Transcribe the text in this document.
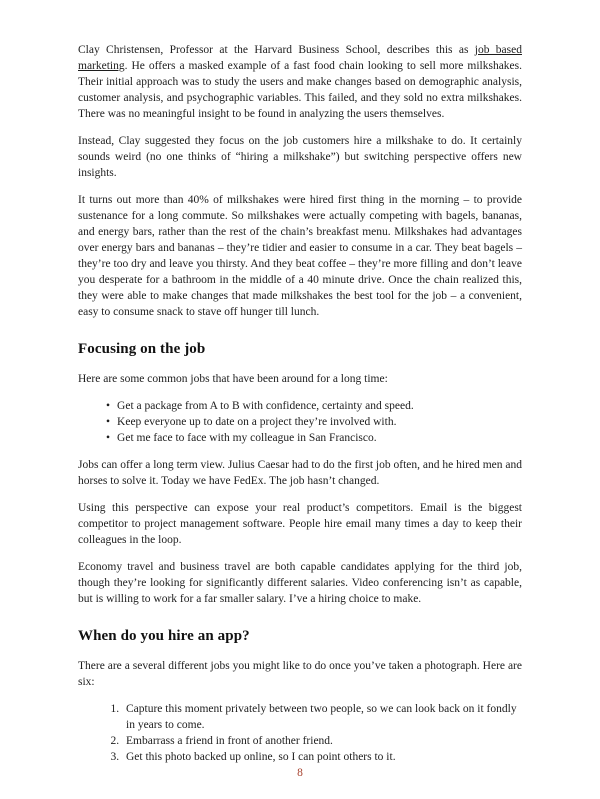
Clay Christensen, Professor at the Harvard Business School, describes this as job based marketing. He offers a masked example of a fast food chain looking to sell more milkshakes. Their initial approach was to study the users and make changes based on demographic analysis, customer analysis, and psychographic variables. This failed, and they sold no extra milkshakes. There was no meaningful insight to be found in analyzing the users themselves.

Instead, Clay suggested they focus on the job customers hire a milkshake to do. It certainly sounds weird (no one thinks of “hiring a milkshake”) but switching perspective offers new insights.

It turns out more than 40% of milkshakes were hired first thing in the morning – to provide sustenance for a long commute. So milkshakes were actually competing with bagels, bananas, and energy bars, rather than the rest of the chain’s breakfast menu. Milkshakes had advantages over energy bars and bananas – they’re tidier and easier to consume in a car. They beat bagels – they’re too dry and leave you thirsty. And they beat coffee – they’re more filling and don’t leave you desperate for a bathroom in the middle of a 40 minute drive. Once the chain realized this, they were able to make changes that made milkshakes the best tool for the job – a convenient, easy to consume snack to stave off hunger till lunch.

Focusing on the job

Here are some common jobs that have been around for a long time:

• Get a package from A to B with confidence, certainty and speed.
• Keep everyone up to date on a project they’re involved with.
• Get me face to face with my colleague in San Francisco.

Jobs can offer a long term view. Julius Caesar had to do the first job often, and he hired men and horses to solve it. Today we have FedEx. The job hasn’t changed.

Using this perspective can expose your real product’s competitors. Email is the biggest competitor to project management software. People hire email many times a day to keep their colleagues in the loop.

Economy travel and business travel are both capable candidates applying for the third job, though they’re looking for significantly different salaries. Video conferencing isn’t as capable, but is willing to work for a far smaller salary. I’ve a hiring choice to make.

When do you hire an app?

There are a several different jobs you might like to do once you’ve taken a photograph. Here are six:

1. Capture this moment privately between two people, so we can look back on it fondly in years to come.
2. Embarrass a friend in front of another friend.
3. Get this photo backed up online, so I can point others to it.
8
